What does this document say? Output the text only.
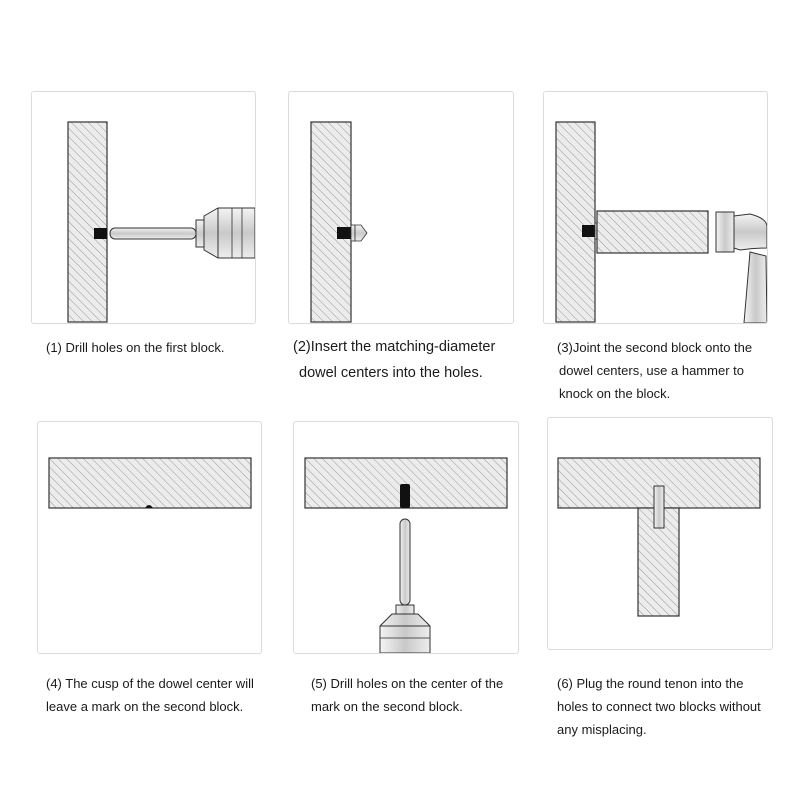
(1) Drill holes on the first block.	(2)Insert the matching-diameter
dowel centers into the holes.

(3)Joint the second block onto the
dowel centers, use a hammer to
knock on the block.

(4) The cusp of the dowel center will
leave a mark on the second block.

(5) Drill holes on the center of the
mark on the second block.

(6) Plug the round tenon into the
holes to connect two blocks without
any misplacing.
